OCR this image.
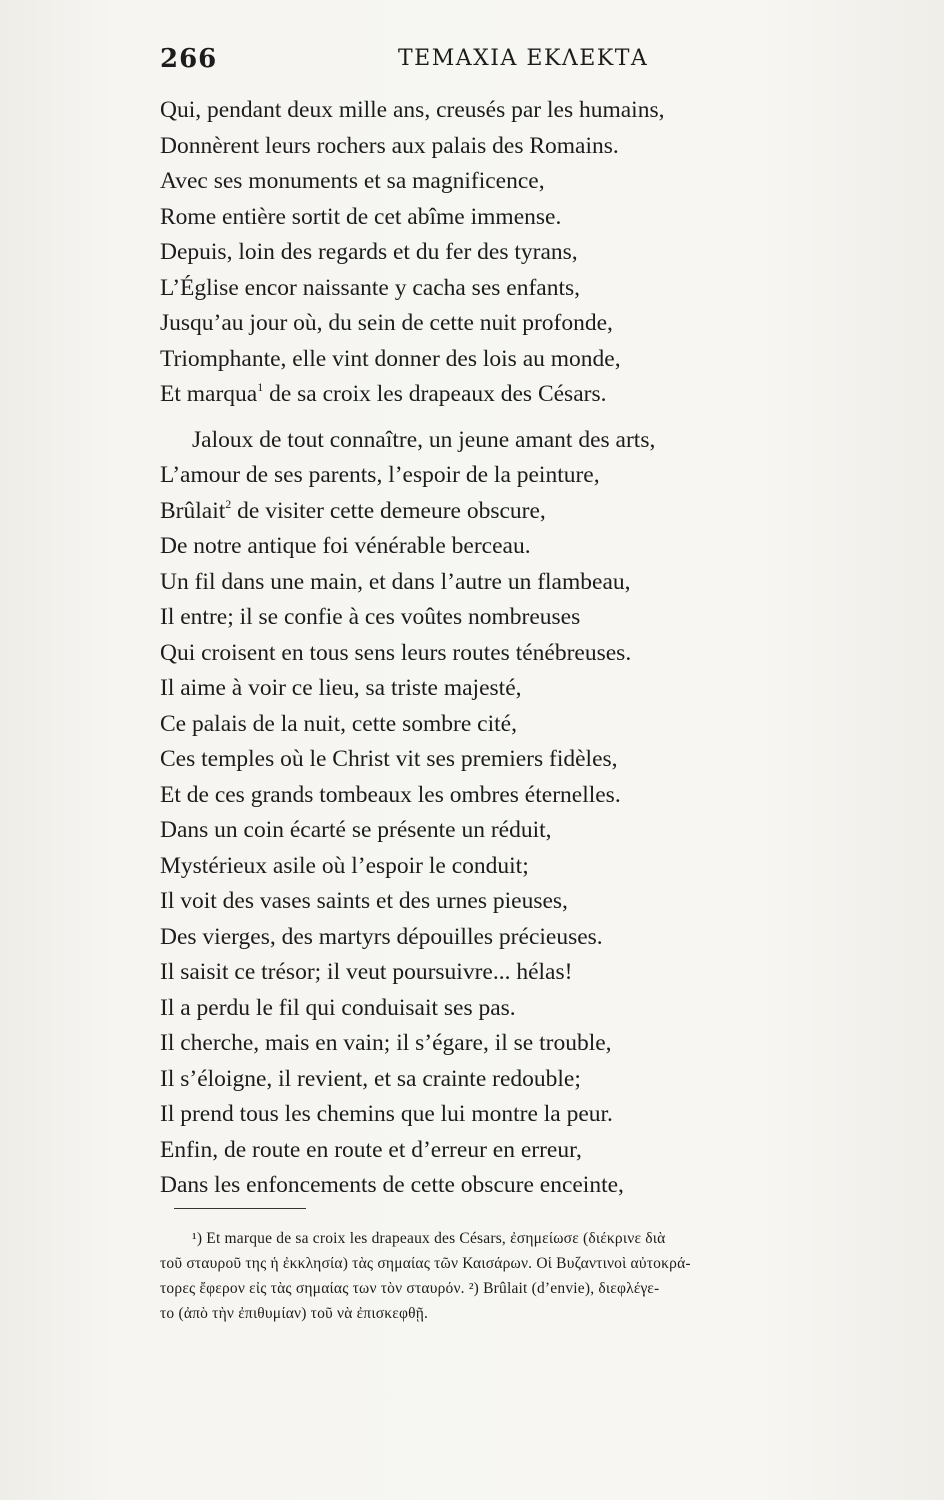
266	ΤΕΜΑΧΙΑ ΕΚΛΕΚΤΑ
Qui, pendant deux mille ans, creusés par les humains,
Donnèrent leurs rochers aux palais des Romains.
Avec ses monuments et sa magnificence,
Rome entière sortit de cet abîme immense.
Depuis, loin des regards et du fer des tyrans,
L’Église encor naissante y cacha ses enfants,
Jusqu’au jour où, du sein de cette nuit profonde,
Triomphante, elle vint donner des lois au monde,
Et marqua$^1$ de sa croix les drapeaux des Césars.
Jaloux de tout connaître, un jeune amant des arts,
L’amour de ses parents, l’espoir de la peinture,
Brûlait$^2$ de visiter cette demeure obscure,
De notre antique foi vénérable berceau.
Un fil dans une main, et dans l’autre un flambeau,
Il entre; il se confie à ces voûtes nombreuses
Qui croisent en tous sens leurs routes ténébreuses.
Il aime à voir ce lieu, sa triste majesté,
Ce palais de la nuit, cette sombre cité,
Ces temples où le Christ vit ses premiers fidèles,
Et de ces grands tombeaux les ombres éternelles.
Dans un coin écarté se présente un réduit,
Mystérieux asile où l’espoir le conduit;
Il voit des vases saints et des urnes pieuses,
Des vierges, des martyrs dépouilles précieuses.
Il saisit ce trésor; il veut poursuivre... hélas!
Il a perdu le fil qui conduisait ses pas.
Il cherche, mais en vain; il s’égare, il se trouble,
Il s’éloigne, il revient, et sa crainte redouble;
Il prend tous les chemins que lui montre la peur.
Enfin, de route en route et d’erreur en erreur,
Dans les enfoncements de cette obscure enceinte,
¹) Et marque de sa croix les drapeaux des Césars, ἐσημείωσε (διέκρινε διὰ
τοῦ σταυροῦ της ἡ ἐκκλησία) τὰς σημαίας τῶν Καισάρων. Οἱ Βυζαντινοὶ αὐτοκρά-
τορες ἔφερον εἰς τὰς σημαίας των τὸν σταυρόν. ²) Brûlait (d’envie), διεφλέγε-
το (ἀπὸ τὴν ἐπιθυμίαν) τοῦ νὰ ἐπισκεφθῇ.
